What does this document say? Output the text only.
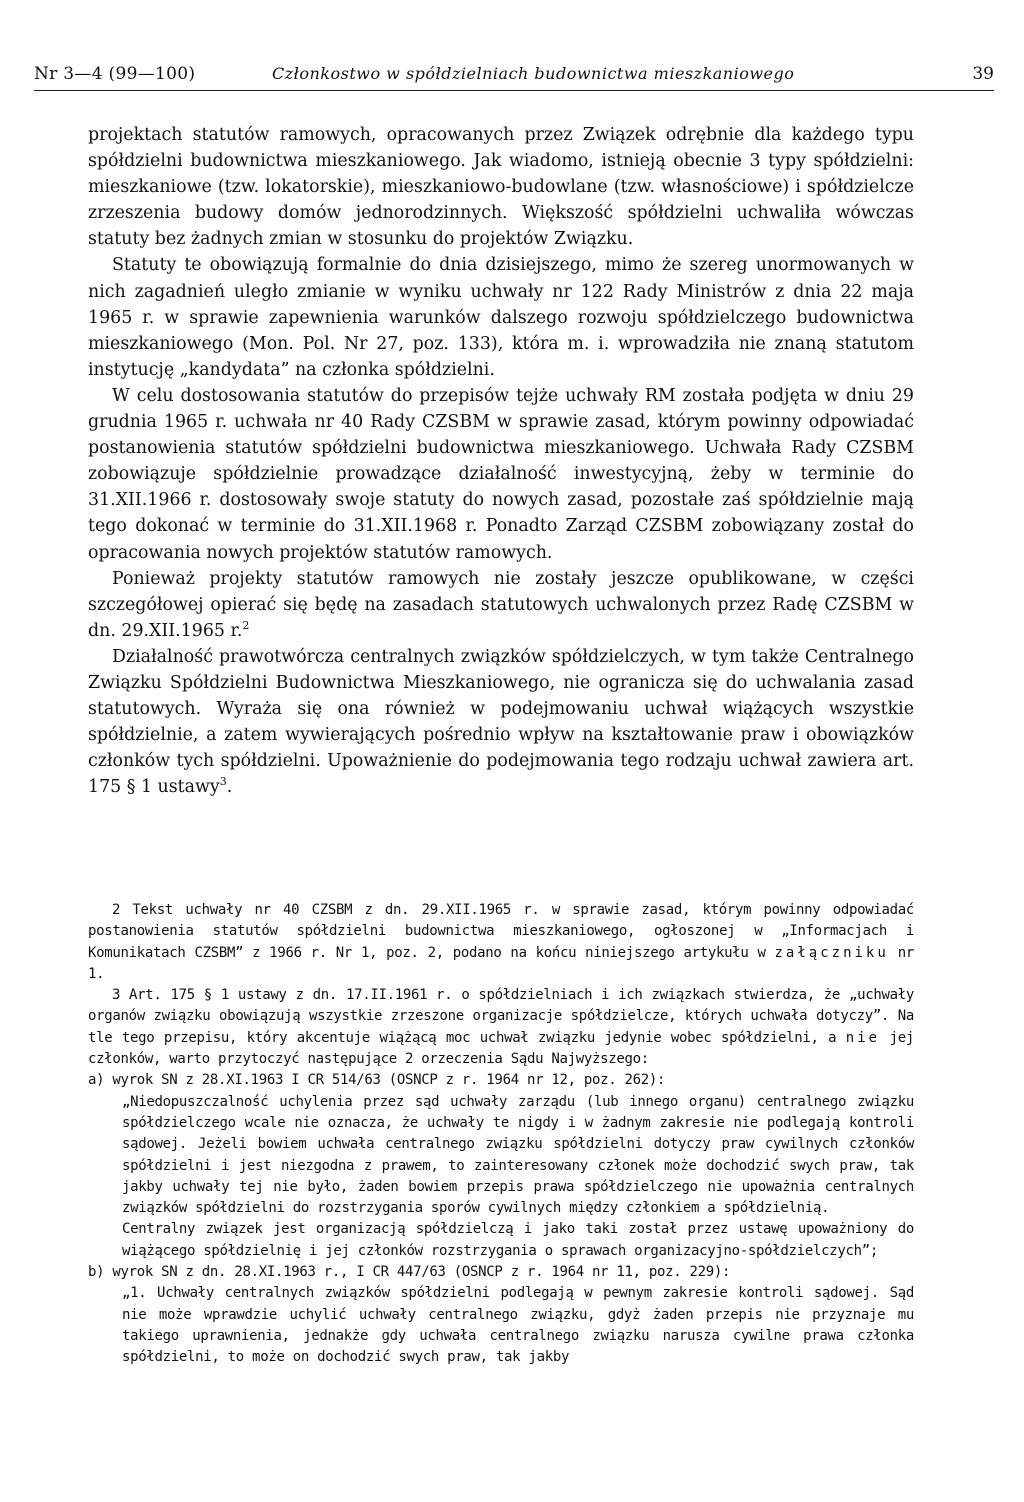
Nr 3—4 (99—100)	Członkostwo w spółdzielniach budownictwa mieszkaniowego	39

projektach statutów ramowych, opracowanych przez Związek odrębnie dla każdego typu spółdzielni budownictwa mieszkaniowego. Jak wiadomo, istnieją obecnie 3 typy spółdzielni: mieszkaniowe (tzw. lokatorskie), mieszkaniowo-budowlane (tzw. własnościowe) i spółdzielcze zrzeszenia budowy domów jednorodzinnych. Większość spółdzielni uchwaliła wówczas statuty bez żadnych zmian w stosunku do projektów Związku.

Statuty te obowiązują formalnie do dnia dzisiejszego, mimo że szereg unormowanych w nich zagadnień uległo zmianie w wyniku uchwały nr 122 Rady Ministrów z dnia 22 maja 1965 r. w sprawie zapewnienia warunków dalszego rozwoju spółdzielczego budownictwa mieszkaniowego (Mon. Pol. Nr 27, poz. 133), która m. i. wprowadziła nie znaną statutom instytucję „kandydata” na członka spółdzielni.

W celu dostosowania statutów do przepisów tejże uchwały RM została podjęta w dniu 29 grudnia 1965 r. uchwała nr 40 Rady CZSBM w sprawie zasad, którym powinny odpowiadać postanowienia statutów spółdzielni budownictwa mieszkaniowego. Uchwała Rady CZSBM zobowiązuje spółdzielnie prowadzące działalność inwestycyjną, żeby w terminie do 31.XII.1966 r. dostosowały swoje statuty do nowych zasad, pozostałe zaś spółdzielnie mają tego dokonać w terminie do 31.XII.1968 r. Ponadto Zarząd CZSBM zobowiązany został do opracowania nowych projektów statutów ramowych.

Ponieważ projekty statutów ramowych nie zostały jeszcze opublikowane, w części szczegółowej opierać się będę na zasadach statutowych uchwalonych przez Radę CZSBM w dn. 29.XII.1965 r.$^2$

Działalność prawotwórcza centralnych związków spółdzielczych, w tym także Centralnego Związku Spółdzielni Budownictwa Mieszkaniowego, nie ogranicza się do uchwalania zasad statutowych. Wyraża się ona również w podejmowaniu uchwał wiążących wszystkie spółdzielnie, a zatem wywierających pośrednio wpływ na kształtowanie praw i obowiązków członków tych spółdzielni. Upoważnienie do podejmowania tego rodzaju uchwał zawiera art. 175 § 1 ustawy$^3$.

2 Tekst uchwały nr 40 CZSBM z dn. 29.XII.1965 r. w sprawie zasad, którym powinny odpowiadać postanowienia statutów spółdzielni budownictwa mieszkaniowego, ogłoszonej w „Informacjach i Komunikatach CZSBM” z 1966 r. Nr 1, poz. 2, podano na końcu niniejszego artykułu w załączniku nr 1.

3 Art. 175 § 1 ustawy z dn. 17.II.1961 r. o spółdzielniach i ich związkach stwierdza, że „uchwały organów związku obowiązują wszystkie zrzeszone organizacje spółdzielcze, których uchwała dotyczy”. Na tle tego przepisu, który akcentuje wiążącą moc uchwał związku jedynie wobec spółdzielni, a nie jej członków, warto przytoczyć następujące 2 orzeczenia Sądu Najwyższego:

a) wyrok SN z 28.XI.1963 I CR 514/63 (OSNCP z r. 1964 nr 12, poz. 262):

„Niedopuszczalność uchylenia przez sąd uchwały zarządu (lub innego organu) centralnego związku spółdzielczego wcale nie oznacza, że uchwały te nigdy i w żadnym zakresie nie podlegają kontroli sądowej. Jeżeli bowiem uchwała centralnego związku spółdzielni dotyczy praw cywilnych członków spółdzielni i jest niezgodna z prawem, to zainteresowany członek może dochodzić swych praw, tak jakby uchwały tej nie było, żaden bowiem przepis prawa spółdzielczego nie upoważnia centralnych związków spółdzielni do rozstrzygania sporów cywilnych między członkiem a spółdzielnią.

Centralny związek jest organizacją spółdzielczą i jako taki został przez ustawę upoważniony do wiążącego spółdzielnię i jej członków rozstrzygania o sprawach organizacyjno-spółdzielczych”;

b) wyrok SN z dn. 28.XI.1963 r., I CR 447/63 (OSNCP z r. 1964 nr 11, poz. 229):

„1. Uchwały centralnych związków spółdzielni podlegają w pewnym zakresie kontroli sądowej. Sąd nie może wprawdzie uchylić uchwały centralnego związku, gdyż żaden przepis nie przyznaje mu takiego uprawnienia, jednakże gdy uchwała centralnego związku narusza cywilne prawa członka spółdzielni, to może on dochodzić swych praw, tak jakby
